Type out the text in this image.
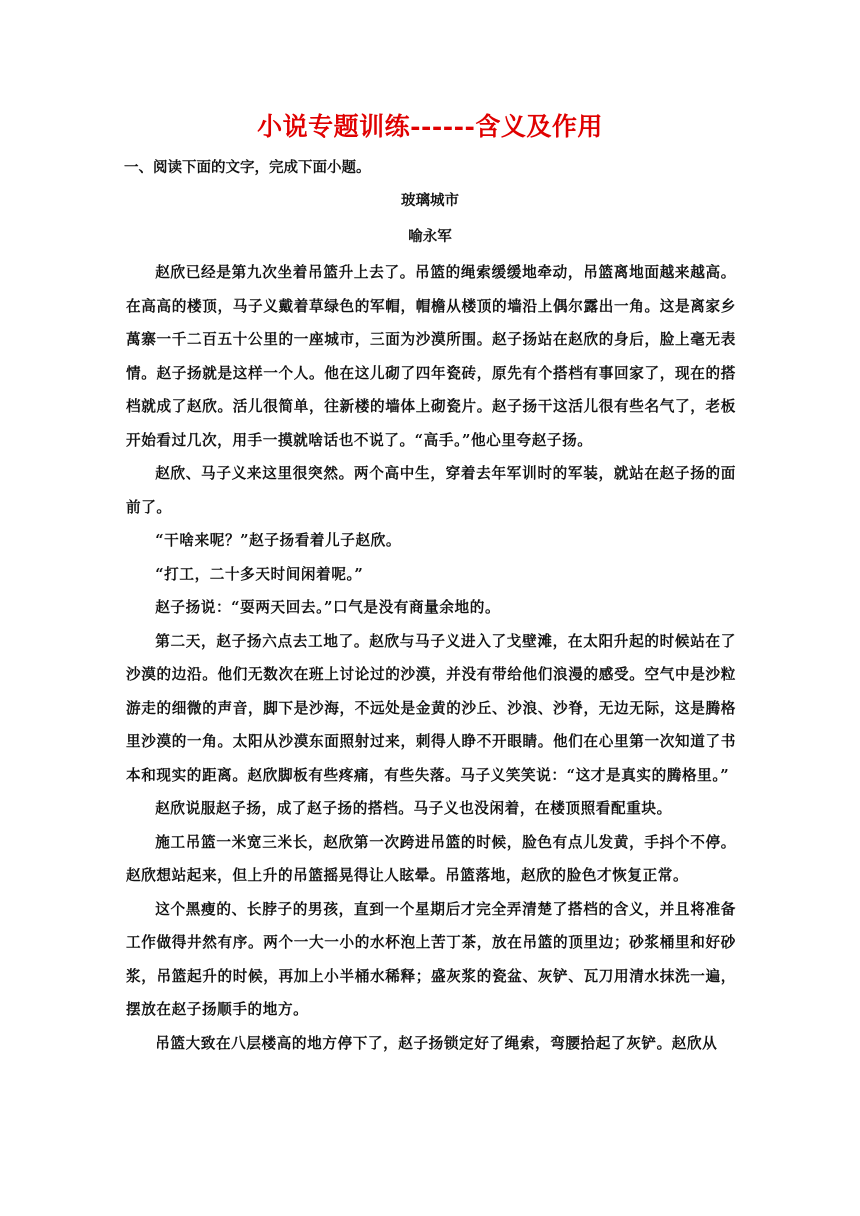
小说专题训练------含义及作用
一、阅读下面的文字，完成下面小题。
玻璃城市
喻永军

赵欣已经是第九次坐着吊篮升上去了。吊篮的绳索缓缓地牵动，吊篮离地面越来越高。在高高的楼顶，马子义戴着草绿色的军帽，帽檐从楼顶的墙沿上偶尔露出一角。这是离家乡萬寨一千二百五十公里的一座城市，三面为沙漠所围。赵子扬站在赵欣的身后，脸上毫无表情。赵子扬就是这样一个人。他在这儿砌了四年瓷砖，原先有个搭档有事回家了，现在的搭档就成了赵欣。活儿很简单，往新楼的墙体上砌瓷片。赵子扬干这活儿很有些名气了，老板开始看过几次，用手一摸就啥话也不说了。“高手。”他心里夸赵子扬。

赵欣、马子义来这里很突然。两个高中生，穿着去年军训时的军装，就站在赵子扬的面前了。

“干啥来呢？”赵子扬看着儿子赵欣。

“打工，二十多天时间闲着呢。”

赵子扬说：“耍两天回去。”口气是没有商量余地的。

第二天，赵子扬六点去工地了。赵欣与马子义进入了戈壁滩，在太阳升起的时候站在了沙漠的边沿。他们无数次在班上讨论过的沙漠，并没有带给他们浪漫的感受。空气中是沙粒游走的细微的声音，脚下是沙海，不远处是金黄的沙丘、沙浪、沙脊，无边无际，这是腾格里沙漠的一角。太阳从沙漠东面照射过来，刺得人睁不开眼睛。他们在心里第一次知道了书本和现实的距离。赵欣脚板有些疼痛，有些失落。马子义笑笑说：“这才是真实的腾格里。”

赵欣说服赵子扬，成了赵子扬的搭档。马子义也没闲着，在楼顶照看配重块。

施工吊篮一米宽三米长，赵欣第一次跨进吊篮的时候，脸色有点儿发黄，手抖个不停。赵欣想站起来，但上升的吊篮摇晃得让人眩晕。吊篮落地，赵欣的脸色才恢复正常。

这个黑瘦的、长脖子的男孩，直到一个星期后才完全弄清楚了搭档的含义，并且将准备工作做得井然有序。两个一大一小的水杯泡上苦丁茶，放在吊篮的顶里边；砂浆桶里和好砂浆，吊篮起升的时候，再加上小半桶水稀释；盛灰浆的瓷盆、灰铲、瓦刀用清水抹洗一遍，摆放在赵子扬顺手的地方。

吊篮大致在八层楼高的地方停下了，赵子扬锁定好了绳索，弯腰拾起了灰铲。赵欣从
